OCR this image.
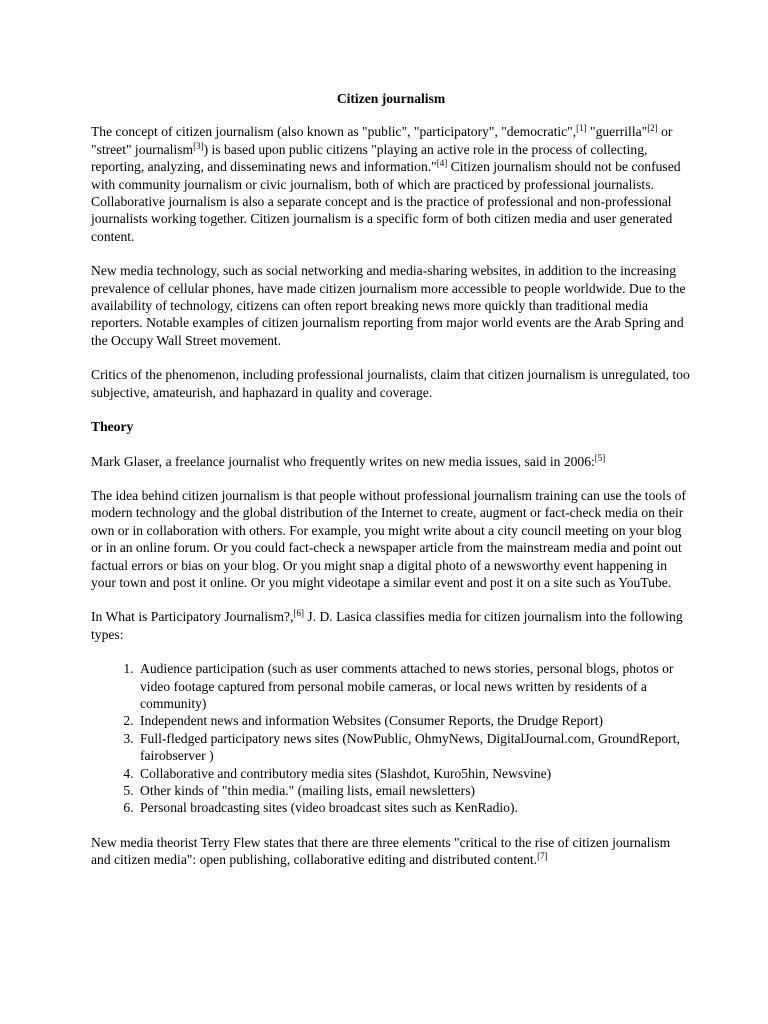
Citizen journalism

The concept of citizen journalism (also known as "public", "participatory", "democratic",[1] "guerrilla"[2] or "street" journalism[3]) is based upon public citizens "playing an active role in the process of collecting, reporting, analyzing, and disseminating news and information."[4] Citizen journalism should not be confused with community journalism or civic journalism, both of which are practiced by professional journalists. Collaborative journalism is also a separate concept and is the practice of professional and non-professional journalists working together. Citizen journalism is a specific form of both citizen media and user generated content.

New media technology, such as social networking and media-sharing websites, in addition to the increasing prevalence of cellular phones, have made citizen journalism more accessible to people worldwide. Due to the availability of technology, citizens can often report breaking news more quickly than traditional media reporters. Notable examples of citizen journalism reporting from major world events are the Arab Spring and the Occupy Wall Street movement.

Critics of the phenomenon, including professional journalists, claim that citizen journalism is unregulated, too subjective, amateurish, and haphazard in quality and coverage.

Theory

Mark Glaser, a freelance journalist who frequently writes on new media issues, said in 2006:[5]

The idea behind citizen journalism is that people without professional journalism training can use the tools of modern technology and the global distribution of the Internet to create, augment or fact-check media on their own or in collaboration with others. For example, you might write about a city council meeting on your blog or in an online forum. Or you could fact-check a newspaper article from the mainstream media and point out factual errors or bias on your blog. Or you might snap a digital photo of a newsworthy event happening in your town and post it online. Or you might videotape a similar event and post it on a site such as YouTube.

In What is Participatory Journalism?,[6] J. D. Lasica classifies media for citizen journalism into the following types:

1. Audience participation (such as user comments attached to news stories, personal blogs, photos or video footage captured from personal mobile cameras, or local news written by residents of a community)
2. Independent news and information Websites (Consumer Reports, the Drudge Report)
3. Full-fledged participatory news sites (NowPublic, OhmyNews, DigitalJournal.com, GroundReport, fairobserver )
4. Collaborative and contributory media sites (Slashdot, Kuro5hin, Newsvine)
5. Other kinds of "thin media." (mailing lists, email newsletters)
6. Personal broadcasting sites (video broadcast sites such as KenRadio).

New media theorist Terry Flew states that there are three elements "critical to the rise of citizen journalism and citizen media": open publishing, collaborative editing and distributed content.[7]
